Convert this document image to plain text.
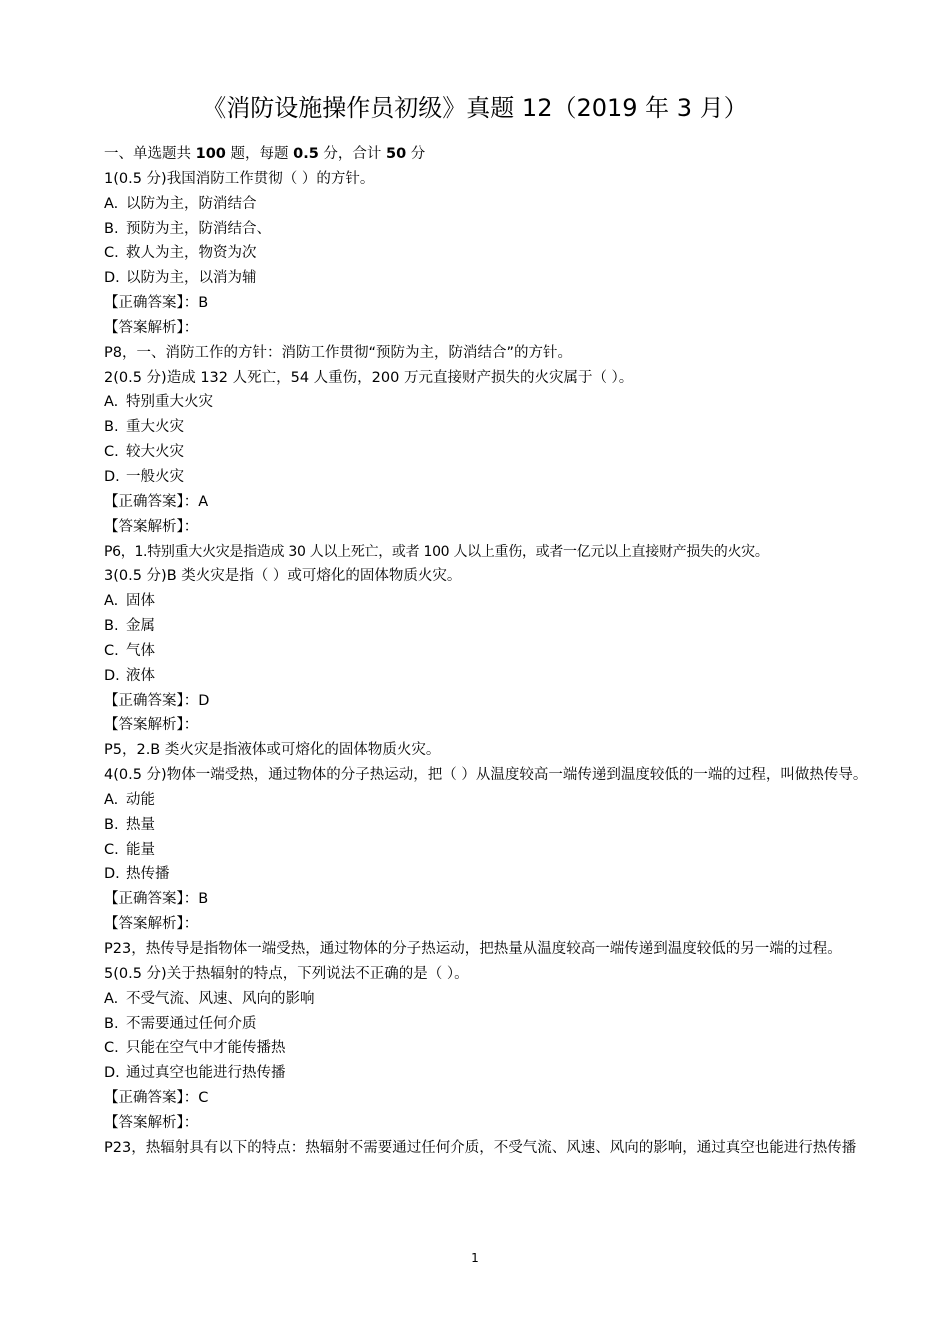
《消防设施操作员初级》真题 12（2019 年 3 月）
一、单选题共 100 题，每题 0.5 分，合计 50 分
1(0.5 分)我国消防工作贯彻（ ）的方针。
A. 以防为主，防消结合
B. 预防为主，防消结合、
C. 救人为主，物资为次
D. 以防为主，以消为辅
【正确答案】：B
【答案解析】：
P8，一、消防工作的方针：消防工作贯彻“预防为主，防消结合”的方针。
2(0.5 分)造成 132 人死亡，54 人重伤，200 万元直接财产损失的火灾属于（ ）。
A. 特别重大火灾
B. 重大火灾
C. 较大火灾
D. 一般火灾
【正确答案】：A
【答案解析】：
P6，1.特别重大火灾是指造成 30 人以上死亡，或者 100 人以上重伤，或者一亿元以上直接财产损失的火灾。
3(0.5 分)B 类火灾是指（ ）或可熔化的固体物质火灾。
A. 固体
B. 金属
C. 气体
D. 液体
【正确答案】：D
【答案解析】：
P5，2.B 类火灾是指液体或可熔化的固体物质火灾。
4(0.5 分)物体一端受热，通过物体的分子热运动，把（ ）从温度较高一端传递到温度较低的一端的过程，叫做热传导。
A. 动能
B. 热量
C. 能量
D. 热传播
【正确答案】：B
【答案解析】：
P23，热传导是指物体一端受热，通过物体的分子热运动，把热量从温度较高一端传递到温度较低的另一端的过程。
5(0.5 分)关于热辐射的特点，下列说法不正确的是（ ）。
A. 不受气流、风速、风向的影响
B. 不需要通过任何介质
C. 只能在空气中才能传播热
D. 通过真空也能进行热传播
【正确答案】：C
【答案解析】：
P23，热辐射具有以下的特点：热辐射不需要通过任何介质，不受气流、风速、风向的影响，通过真空也能进行热传播
1
